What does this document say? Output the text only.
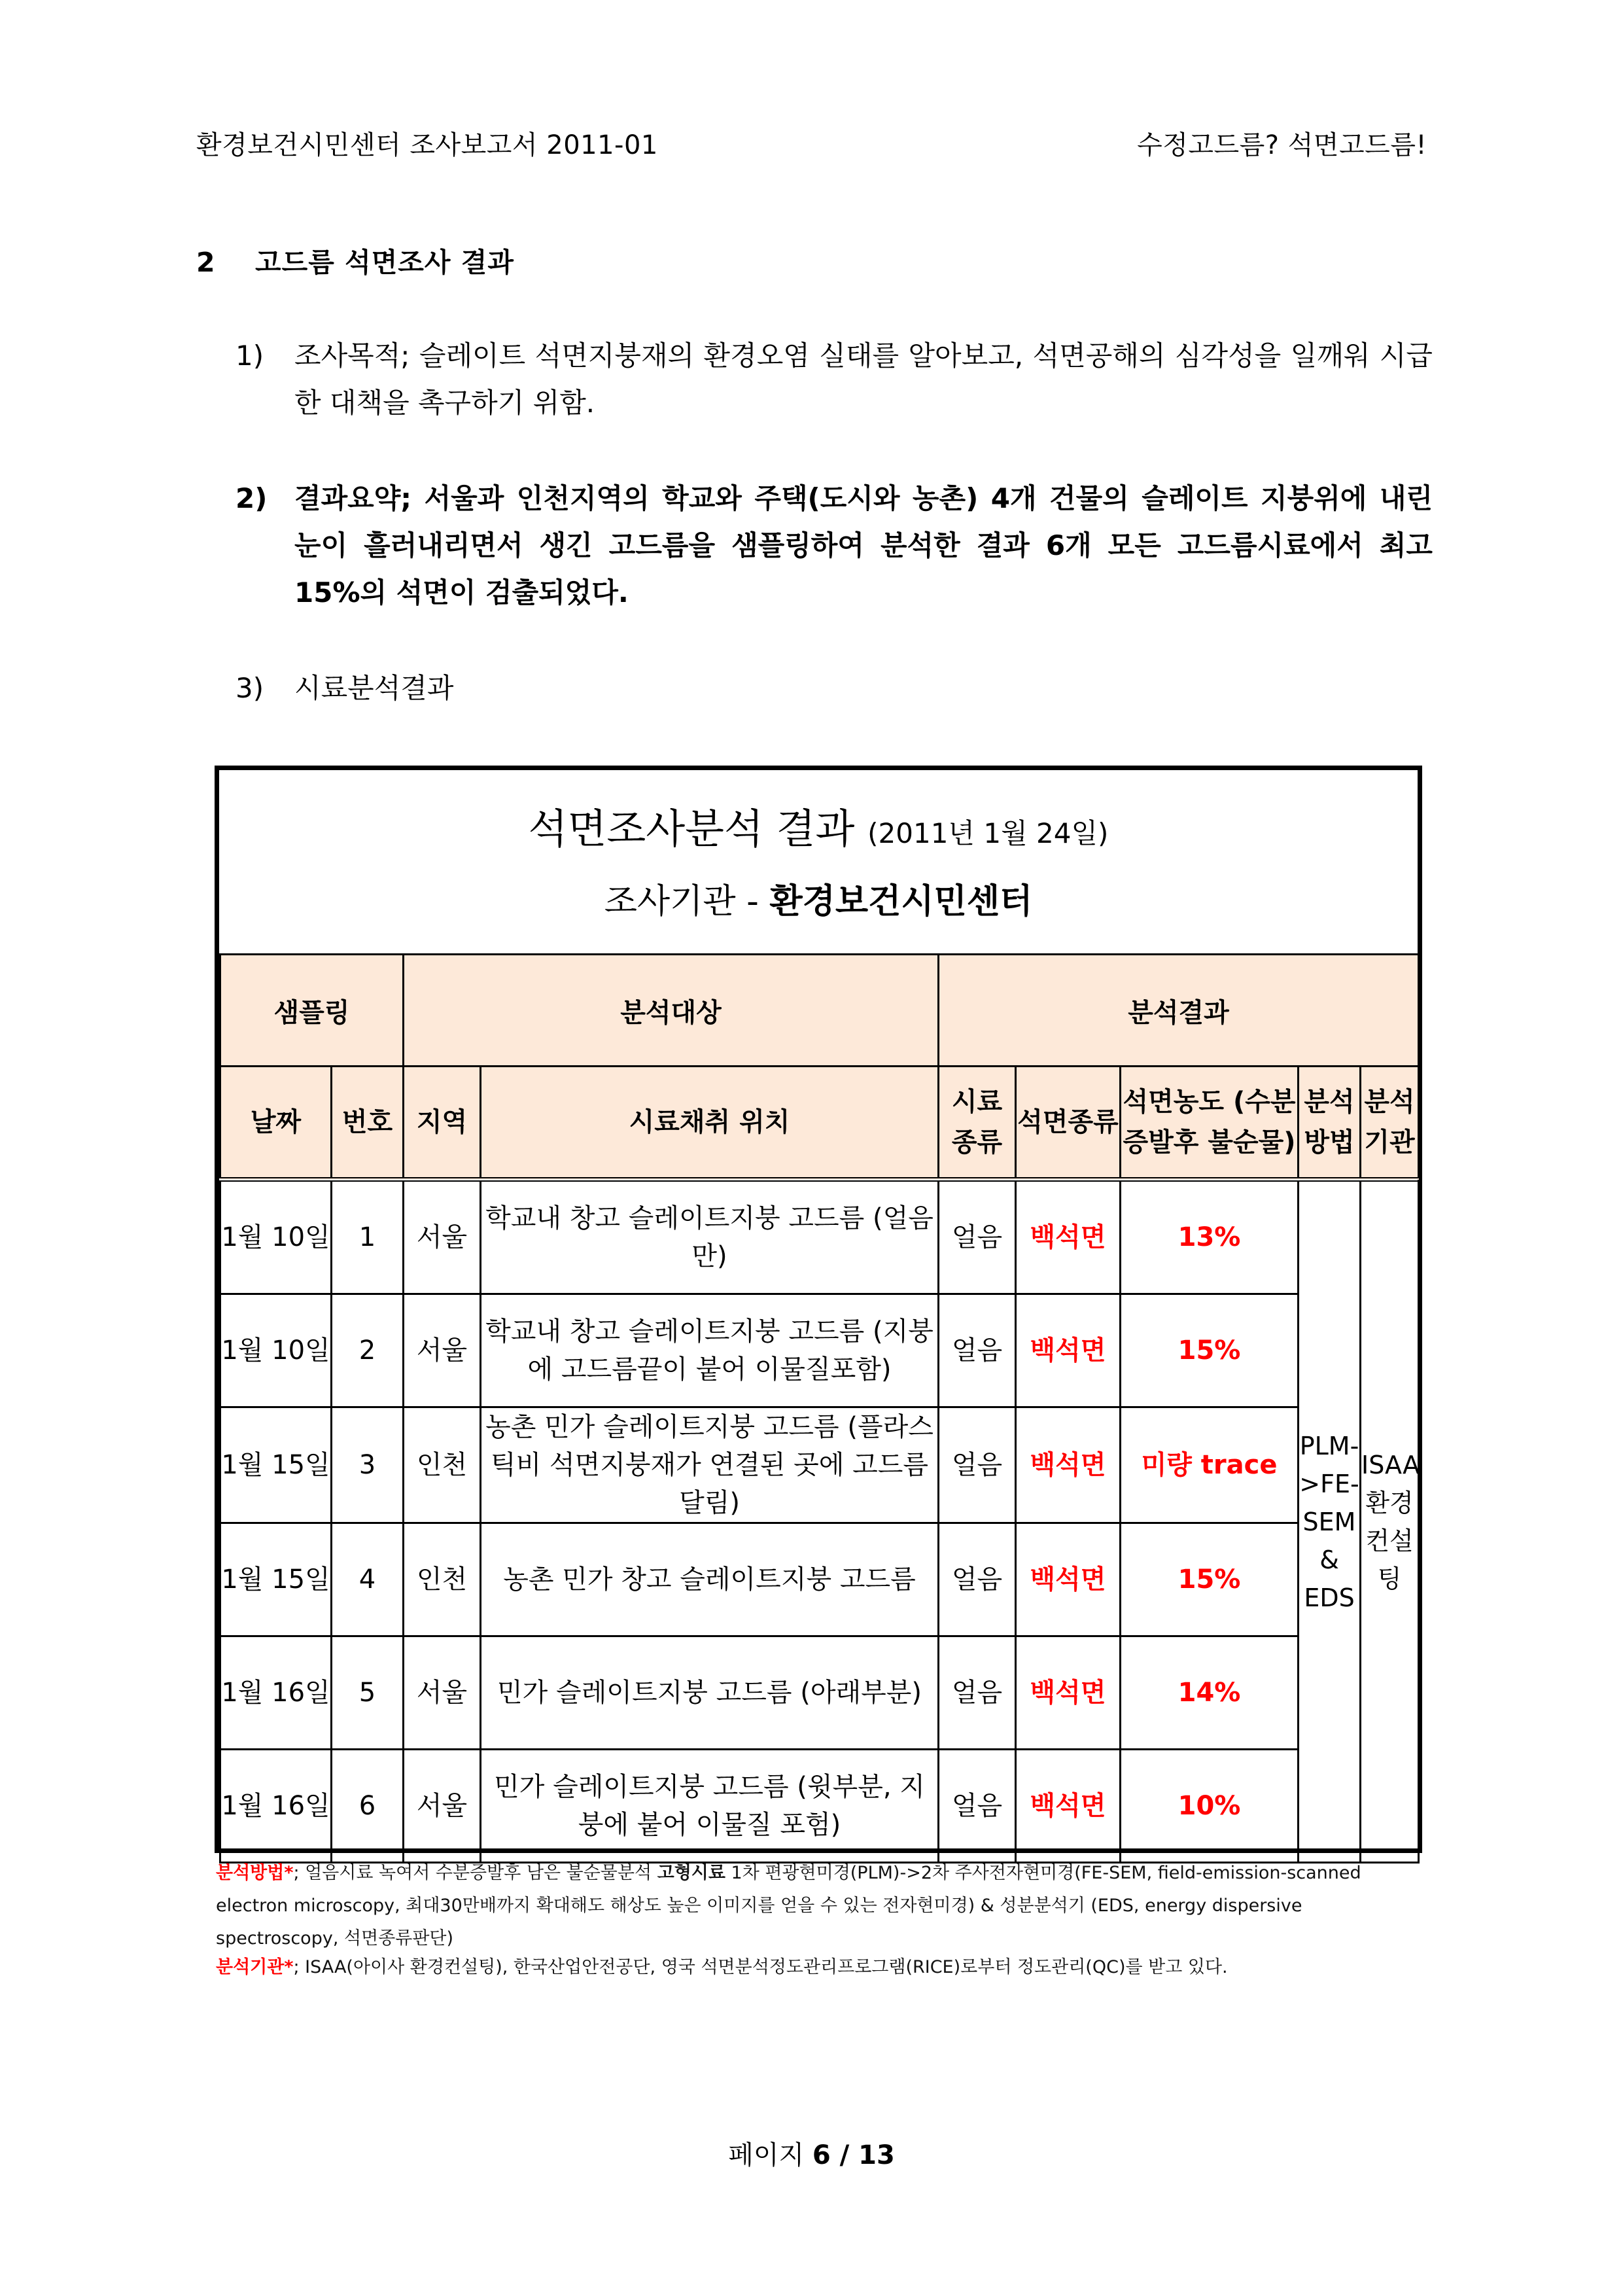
환경보건시민센터 조사보고서 2011-01	수정고드름? 석면고드름!
2 고드름 석면조사 결과
1)	조사목적; 슬레이트 석면지붕재의 환경오염 실태를 알아보고, 석면공해의 심각성을 일깨워 시급한 대책을 촉구하기 위함.
2) 결과요약; 서울과 인천지역의 학교와 주택(도시와 농촌) 4개 건물의 슬레이트 지붕위에 내린 눈이 흘러내리면서 생긴 고드름을 샘플링하여 분석한 결과 6개 모든 고드름시료에서 최고 15%의 석면이 검출되었다.
3)	시료분석결과
석면조사분석 결과 (2011년 1월 24일)
조사기관 - 환경보건시민센터
샘플링		분석대상		분석결과				
날짜	번호	지역	시료채취 위치	시료종류	석면종류	석면농도 (수분증발후 불순물)	분석방법	분석기관
1월 10일	1	서울	학교내 창고 슬레이트지붕 고드름 (얼음만)	얼음	백석면	13%	PLM->FE-SEM & EDS	ISAA 환경컨설팅
1월 10일	2	서울	학교내 창고 슬레이트지붕 고드름 (지붕에 고드름끝이 붙어 이물질포함)	얼음	백석면	15%		
1월 15일	3	인천	농촌 민가 슬레이트지붕 고드름 (플라스틱비 석면지붕재가 연결된 곳에 고드름 달림)	얼음	백석면	미량 trace		
1월 15일	4	인천	농촌 민가 창고 슬레이트지붕 고드름	얼음	백석면	15%		
1월 16일	5	서울	민가 슬레이트지붕 고드름 (아래부분)	얼음	백석면	14%		
1월 16일	6	서울	민가 슬레이트지붕 고드름 (윗부분, 지붕에 붙어 이물질 포험)	얼음	백석면	10%		
분석방법*; 얼음시료 녹여서 수분증발후 남은 불순물분석 고형시료 1차 편광현미경(PLM)->2차 주사전자현미경(FE-SEM, field-emission-scanned electron microscopy, 최대30만배까지 확대해도 해상도 높은 이미지를 얻을 수 있는 전자현미경) & 성분분석기 (EDS, energy dispersive spectroscopy, 석면종류판단)
분석기관*; ISAA(아이사 환경컨설팅), 한국산업안전공단, 영국 석면분석정도관리프로그램(RICE)로부터 정도관리(QC)를 받고 있다.
페이지 6 / 13
